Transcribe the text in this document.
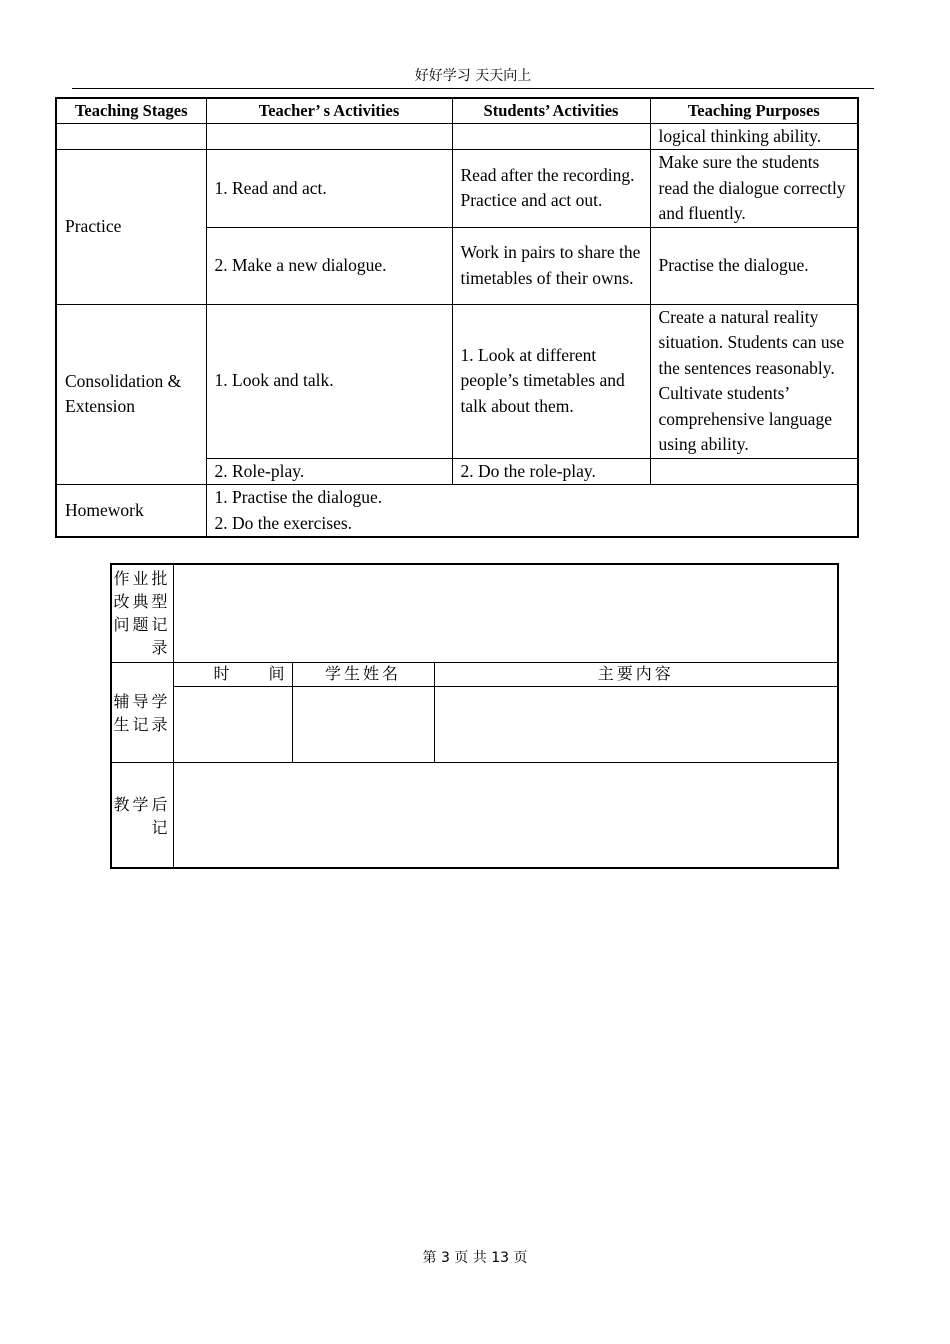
好好学习 天天向上
Teaching Stages	Teacher’ s Activities	Students’ Activities	Teaching Purposes
			logical thinking ability.
Practice	1. Read and act.	Read after the recording. Practice and act out.	Make sure the students read the dialogue correctly and fluently.
	2. Make a new dialogue.	Work in pairs to share the timetables of their owns.	Practise the dialogue.
Consolidation & Extension	1. Look and talk.	1. Look at different people’s timetables and talk about them.	Create a natural reality situation. Students can use the sentences reasonably. Cultivate students’ comprehensive language using ability.
	2. Role-play.	2. Do the role-play.	
Homework	1. Practise the dialogue.
2. Do the exercises.		
作业批改典型问题记录			
辅导学生记录	时 间	学生姓名	主要内容

教学后记			
第 3 页 共 13 页
